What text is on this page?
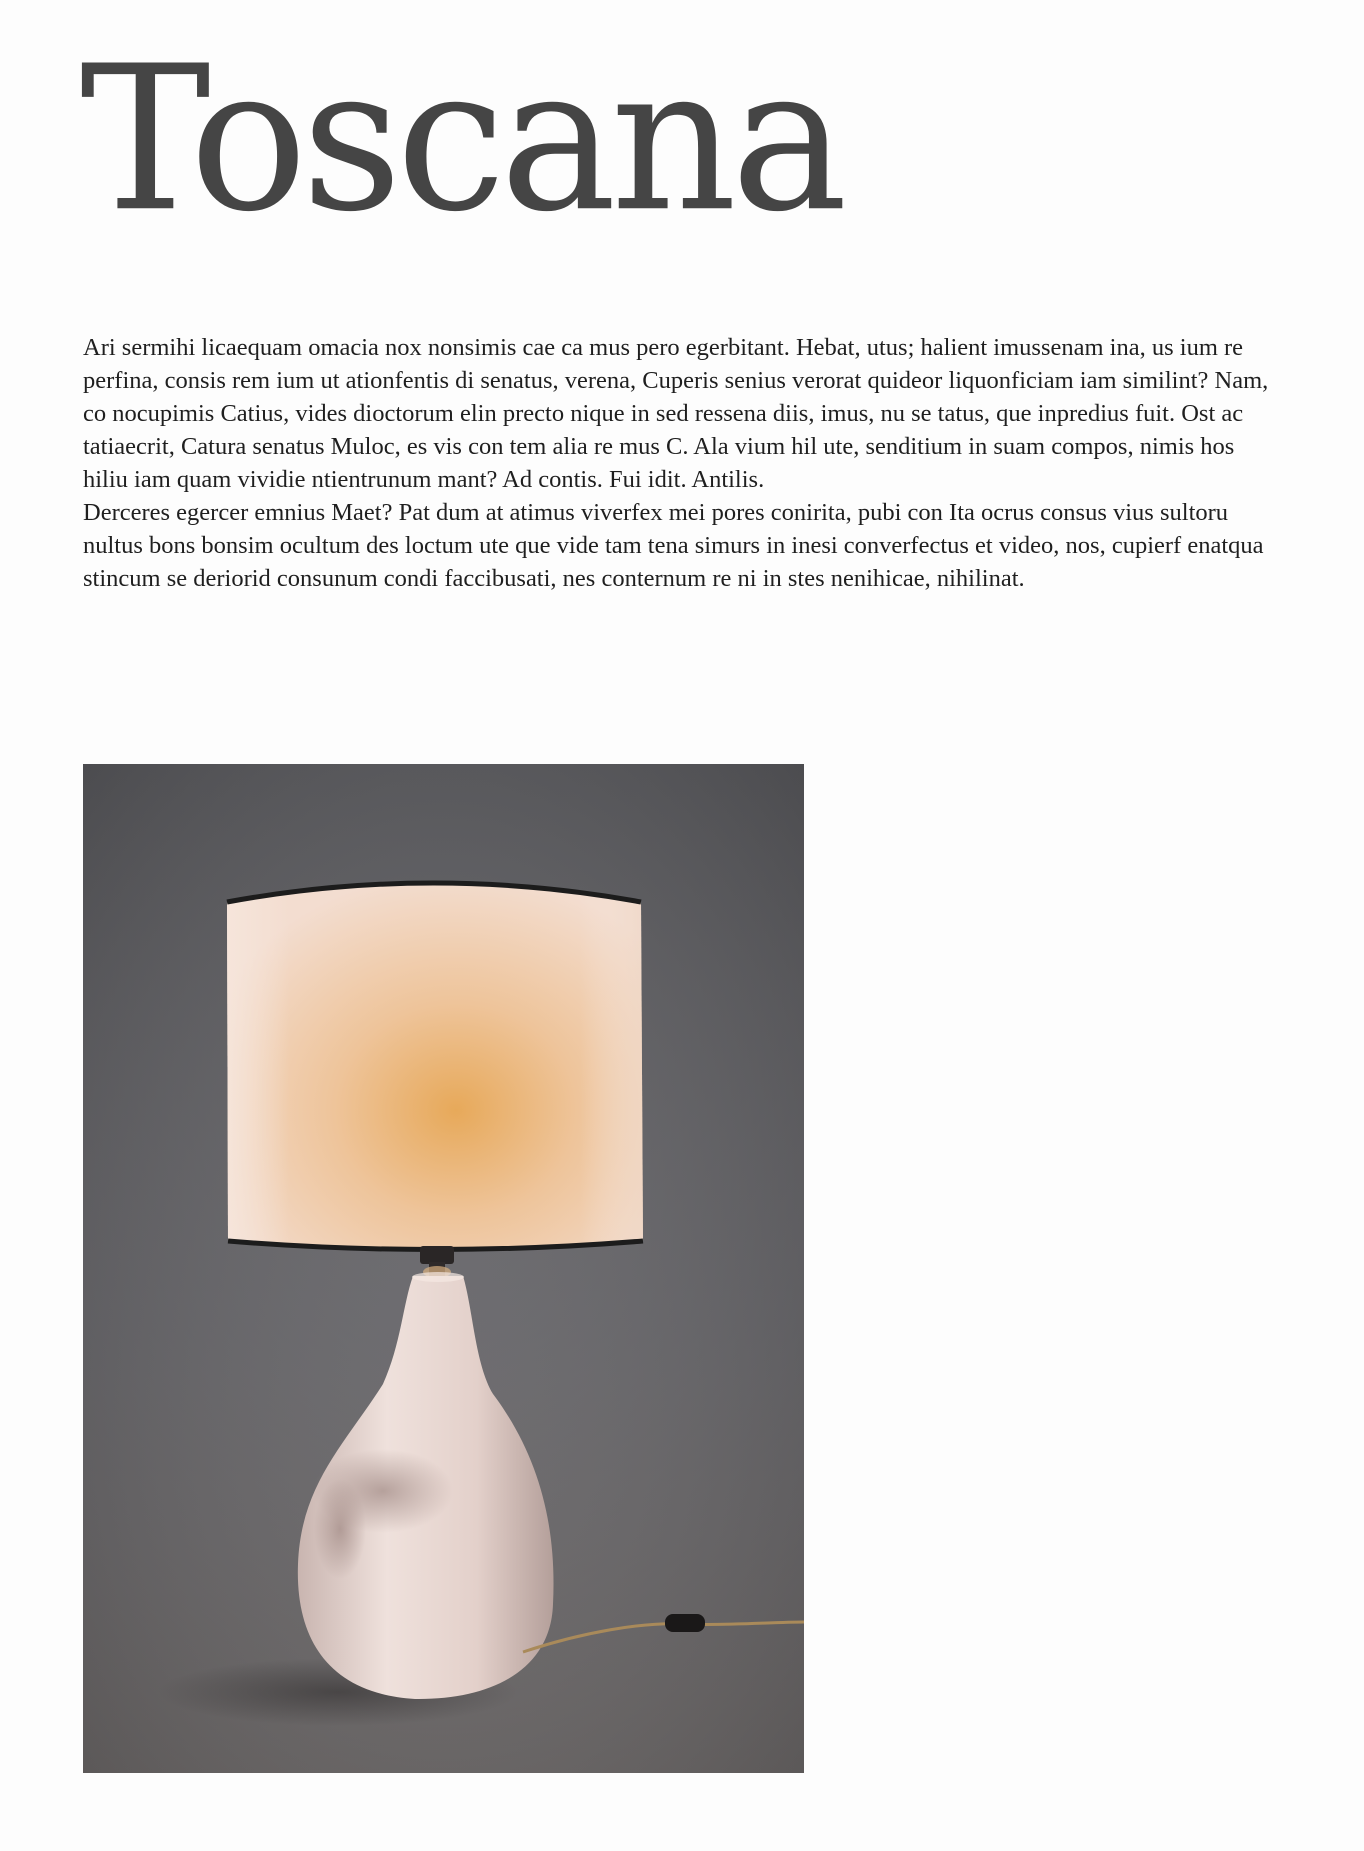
Toscana

Ari sermihi licaequam omacia nox nonsimis cae ca mus pero egerbitant. Hebat, utus; halient imussenam ina, us ium re perfina, consis rem ium ut ationfentis di senatus, verena, Cuperis senius verorat quideor liquonficiam iam similint? Nam, co nocupimis Catius, vides dioctorum elin precto nique in sed ressena diis, imus, nu se tatus, que inpredius fuit. Ost ac tatiaecrit, Catura senatus Muloc, es vis con tem alia re mus C. Ala vium hil ute, senditium in suam compos, nimis hos hiliu iam quam vividie ntientrunum mant? Ad contis. Fui idit. Antilis.

Derceres egercer emnius Maet? Pat dum at atimus viverfex mei pores conirita, pubi con Ita ocrus consus vius sultoru nultus bons bonsim ocultum des loctum ute que vide tam tena simurs in inesi converfectus et video, nos, cupierf enatqua stincum se deriorid consunum condi faccibusati, nes conternum re ni in stes nenihicae, nihilinat.
